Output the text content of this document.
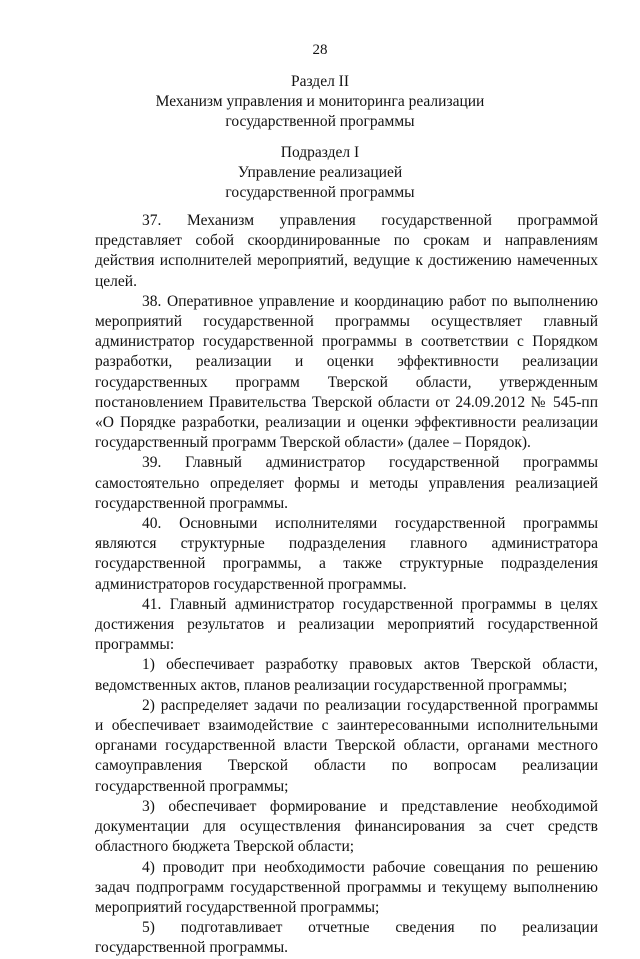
28
Раздел II
Механизм управления и мониторинга реализации
государственной программы
Подраздел I
Управление реализацией
государственной программы

37. Механизм управления государственной программой представляет собой скоординированные по срокам и направлениям действия исполнителей мероприятий, ведущие к достижению намеченных целей.

38. Оперативное управление и координацию работ по выполнению мероприятий государственной программы осуществляет главный администратор государственной программы в соответствии с Порядком разработки, реализации и оценки эффективности реализации государственных программ Тверской области, утвержденным постановлением Правительства Тверской области от 24.09.2012 № 545-пп «О Порядке разработки, реализации и оценки эффективности реализации государственный программ Тверской области» (далее – Порядок).

39. Главный администратор государственной программы самостоятельно определяет формы и методы управления реализацией государственной программы.

40. Основными исполнителями государственной программы являются структурные подразделения главного администратора государственной программы, а также структурные подразделения администраторов государственной программы.

41. Главный администратор государственной программы в целях достижения результатов и реализации мероприятий государственной программы:

1) обеспечивает разработку правовых актов Тверской области, ведомственных актов, планов реализации государственной программы;

2) распределяет задачи по реализации государственной программы и обеспечивает взаимодействие с заинтересованными исполнительными органами государственной власти Тверской области, органами местного самоуправления Тверской области по вопросам реализации государственной программы;

3) обеспечивает формирование и представление необходимой документации для осуществления финансирования за счет средств областного бюджета Тверской области;

4) проводит при необходимости рабочие совещания по решению задач подпрограмм государственной программы и текущему выполнению мероприятий государственной программы;

5) подготавливает отчетные сведения по реализации государственной программы.
